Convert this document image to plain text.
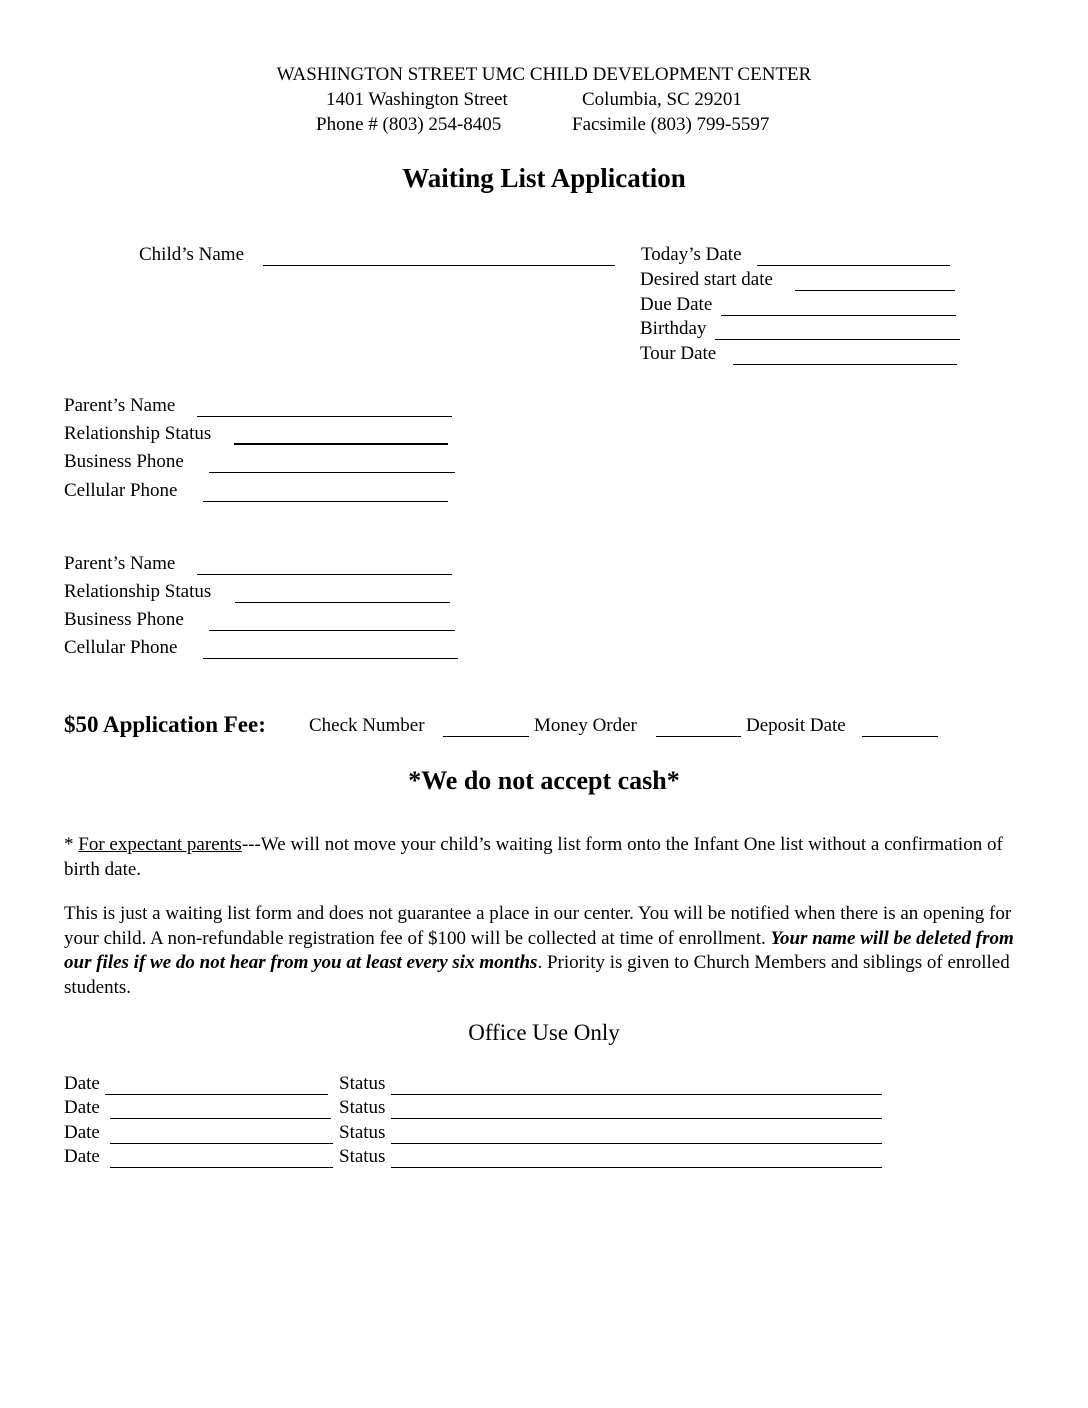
WASHINGTON STREET UMC CHILD DEVELOPMENT CENTER
1401 Washington Street	Columbia, SC 29201
Phone # (803) 254-8405	Facsimile (803) 799-5597
Waiting List Application
Child’s Name	Today’s Date
Desired start date
Due Date
Birthday
Tour Date
Parent’s Name
Relationship Status
Business Phone
Cellular Phone
Parent’s Name
Relationship Status
Business Phone
Cellular Phone
$50 Application Fee: Check Number	Money Order	Deposit Date
*We do not accept cash*

* For expectant parents---We will not move your child’s waiting list form onto the Infant One list without a confirmation of birth date.

This is just a waiting list form and does not guarantee a place in our center. You will be notified when there is an opening for your child. A non-refundable registration fee of $100 will be collected at time of enrollment. Your name will be deleted from our files if we do not hear from you at least every six months. Priority is given to Church Members and siblings of enrolled students.

Office Use Only
Date	Status
Date	Status
Date	Status
Date	Status
